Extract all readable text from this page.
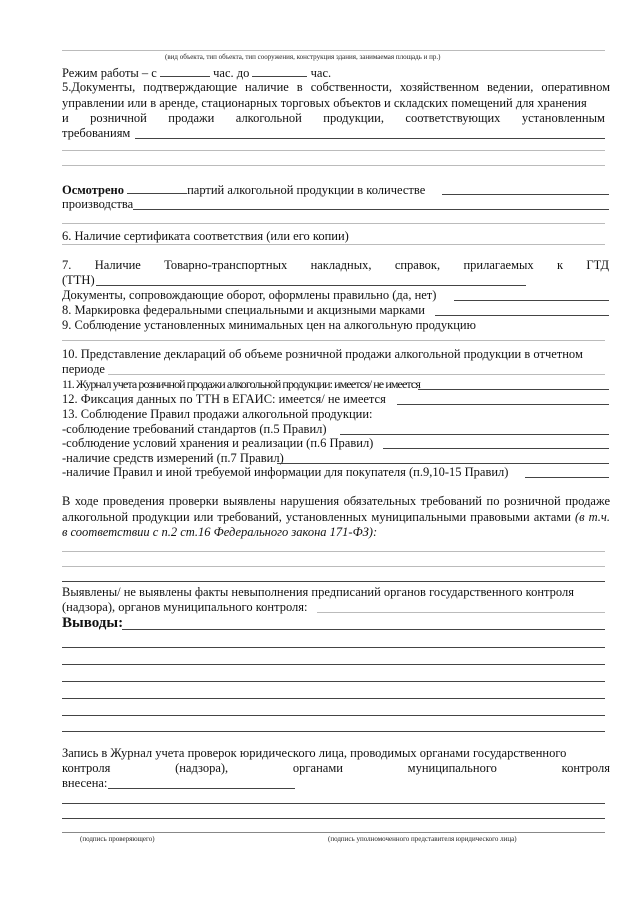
(вид объекта, тип объекта, тип сооружения, конструкция здания, занимаемая площадь и пр.)
Режим работы – с	час. до	час.
5.Документы, подтверждающие наличие в собственности, хозяйственном ведении, оперативном управлении или в аренде, стационарных торговых объектов и складских помещений для хранения
и розничной продажи алкогольной продукции, соответствующих установленным
требованиям
Осмотрено	партий алкогольной продукции в количестве
производства
6. Наличие сертификата соответствия (или его копии)
7. Наличие Товарно-транспортных накладных, справок, прилагаемых к ГТД
(ТТН)
Документы, сопровождающие оборот, оформлены правильно (да, нет)
8. Маркировка федеральными специальными и акцизными марками
9. Соблюдение установленных минимальных цен на алкогольную продукцию
10. Представление деклараций об объеме розничной продажи алкогольной продукции в отчетном
периоде
11. Журнал учета розничной продажи алкогольной продукции: имеется/ не имеется
12. Фиксация данных по ТТН в ЕГАИС: имеется/ не имеется
13. Соблюдение Правил продажи алкогольной продукции:
-соблюдение требований стандартов (п.5 Правил)
-соблюдение условий хранения и реализации (п.6 Правил)
-наличие средств измерений (п.7 Правил)
-наличие Правил и иной требуемой информации для покупателя (п.9,10-15 Правил)
В ходе проведения проверки выявлены нарушения обязательных требований по розничной продаже алкогольной продукции или требований, установленных муниципальными правовыми актами (в т.ч. в соответствии с п.2 ст.16 Федерального закона 171-ФЗ):
Выявлены/ не выявлены факты невыполнения предписаний органов государственного контроля
(надзора), органов муниципального контроля:
Выводы:
Запись в Журнал учета проверок юридического лица, проводимых органами государственного
контроля	(надзора),	органами	муниципального	контроля
внесена:
(подпись проверяющего)	(подпись уполномоченного представителя юридического лица)
